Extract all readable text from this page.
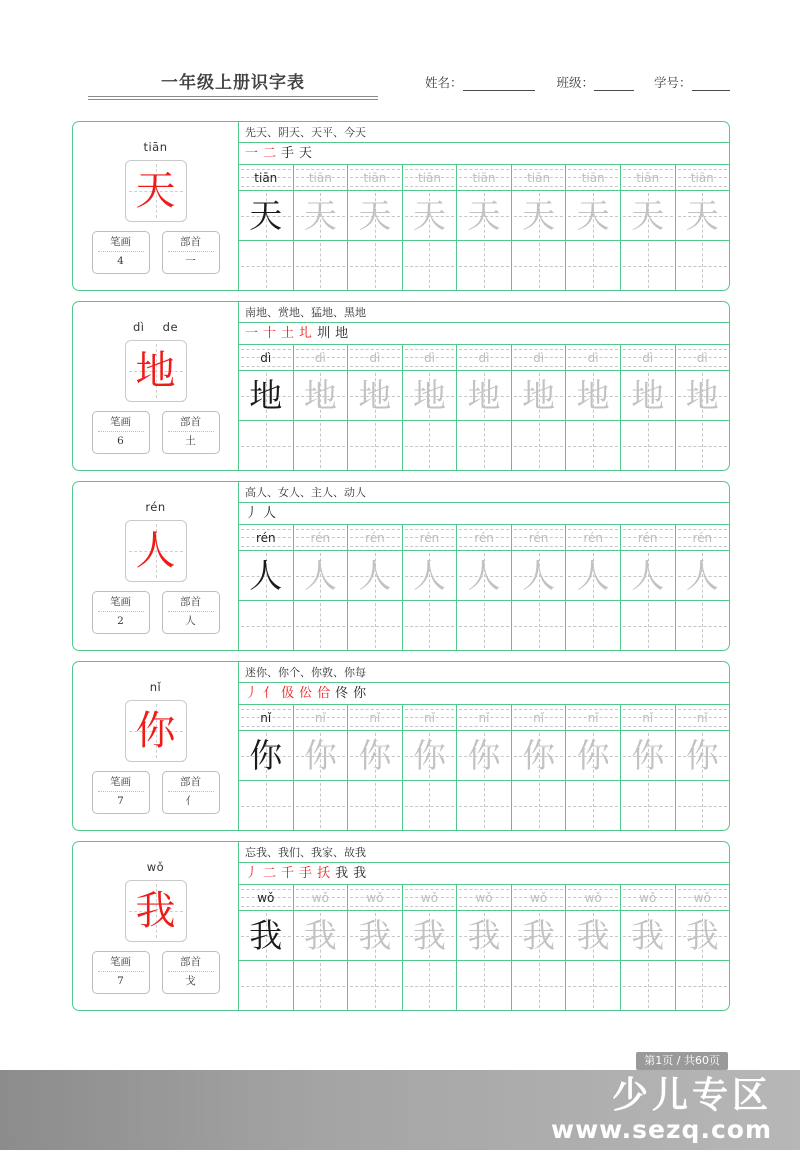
一年级上册识字表	姓名：	班级：	学号：
tiān
天
笔画
4
部首
一
先天、阴天、天平、今天
一 二 手 天
tiān	tiān	tiān	tiān	tiān	tiān	tiān	tiān	tiān
天 天 天 天 天 天 天 天 天
dì de
地
笔画
6
部首
土
南地、赏地、猛地、黑地
一 十 土 圠 圳 地
dì	dì	dì	dì	dì	dì	dì	dì	dì
地 地 地 地 地 地 地 地 地
rén
人
笔画
2
部首
人
高人、女人、主人、动人
丿 人
rén	rén	rén	rén	rén	rén	rén	rén	rén
人 人 人 人 人 人 人 人 人
nǐ
你
笔画
7
部首
亻
迷你、你个、你敦、你每
丿 亻 伋 伀 佮 佟 你
nǐ	nǐ	nǐ	nǐ	nǐ	nǐ	nǐ	nǐ	nǐ
你 你 你 你 你 你 你 你 你
wǒ
我
笔画
7
部首
戈
忘我、我们、我家、故我
丿 二 千 手 扷 我 我
wǒ	wǒ	wǒ	wǒ	wǒ	wǒ	wǒ	wǒ	wǒ
我 我 我 我 我 我 我 我 我
第1页 / 共60页
少儿专区
www.sezq.com
